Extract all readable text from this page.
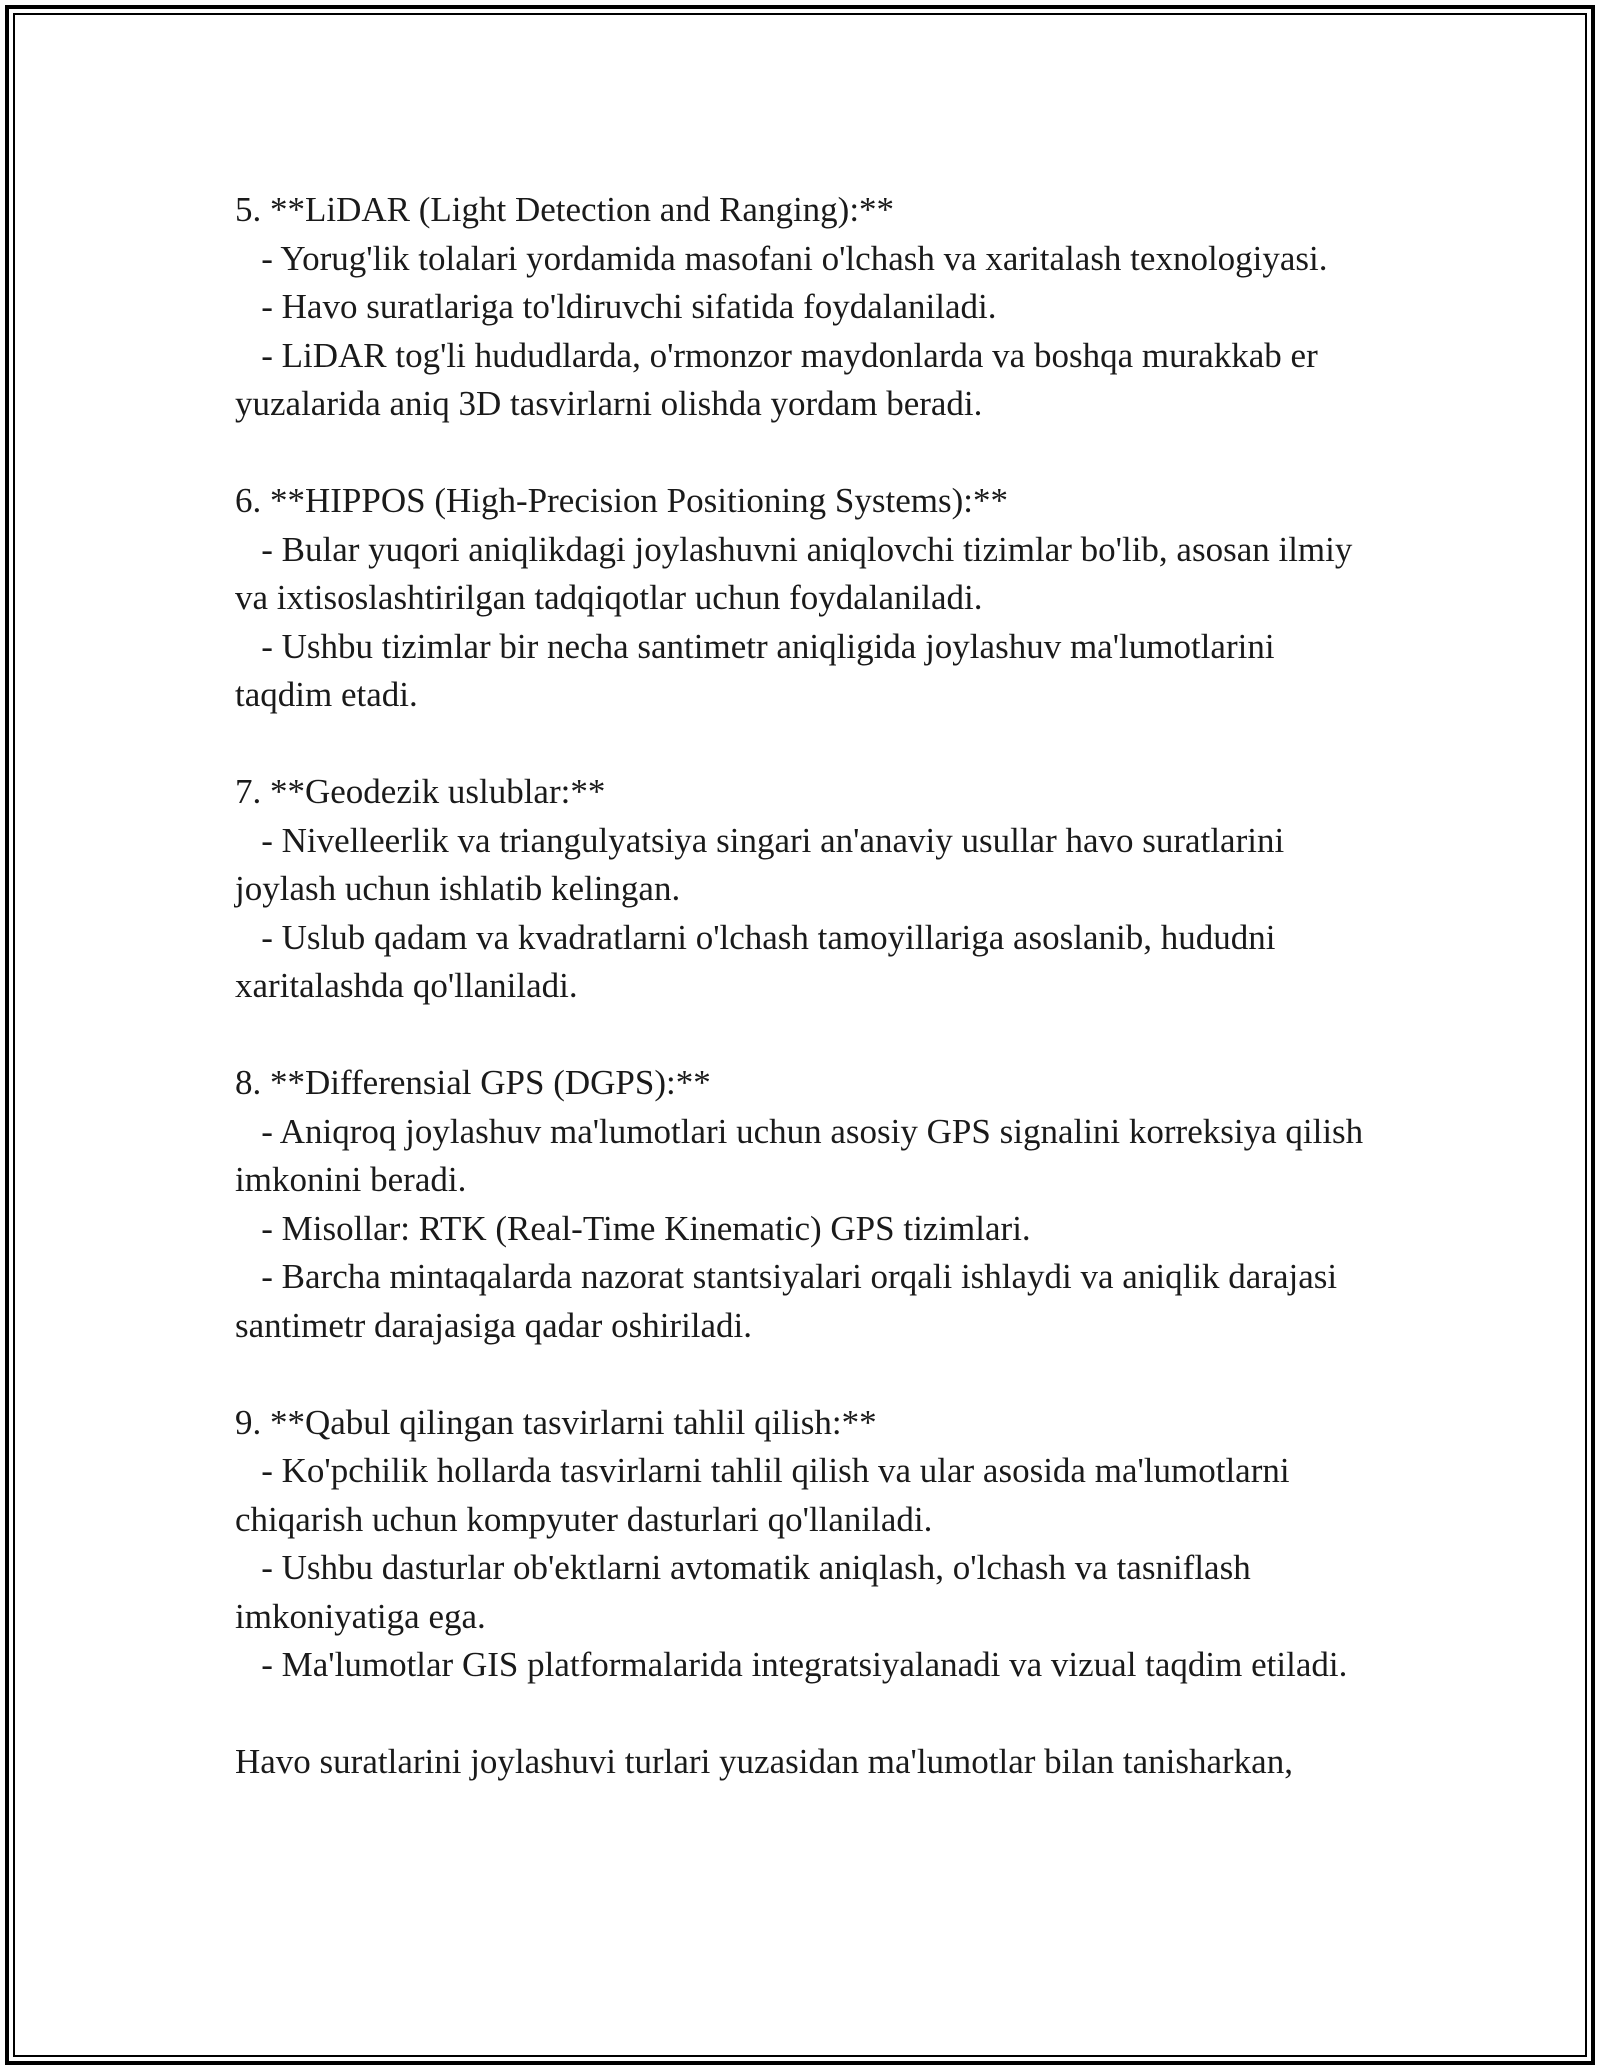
5. **LiDAR (Light Detection and Ranging):**

- Yorug'lik tolalari yordamida masofani o'lchash va xaritalash texnologiyasi.

- Havo suratlariga to'ldiruvchi sifatida foydalaniladi.

- LiDAR tog'li hududlarda, o'rmonzor maydonlarda va boshqa murakkab er yuzalarida aniq 3D tasvirlarni olishda yordam beradi.

6. **HIPPOS (High-Precision Positioning Systems):**

- Bular yuqori aniqlikdagi joylashuvni aniqlovchi tizimlar bo'lib, asosan ilmiy va ixtisoslashtirilgan tadqiqotlar uchun foydalaniladi.

- Ushbu tizimlar bir necha santimetr aniqligida joylashuv ma'lumotlarini taqdim etadi.

7. **Geodezik uslublar:**

- Nivelleerlik va triangulyatsiya singari an'anaviy usullar havo suratlarini joylash uchun ishlatib kelingan.

- Uslub qadam va kvadratlarni o'lchash tamoyillariga asoslanib, hududni xaritalashda qo'llaniladi.

8. **Differensial GPS (DGPS):**

- Aniqroq joylashuv ma'lumotlari uchun asosiy GPS signalini korreksiya qilish imkonini beradi.

- Misollar: RTK (Real-Time Kinematic) GPS tizimlari.

- Barcha mintaqalarda nazorat stantsiyalari orqali ishlaydi va aniqlik darajasi santimetr darajasiga qadar oshiriladi.

9. **Qabul qilingan tasvirlarni tahlil qilish:**

- Ko'pchilik hollarda tasvirlarni tahlil qilish va ular asosida ma'lumotlarni chiqarish uchun kompyuter dasturlari qo'llaniladi.

- Ushbu dasturlar ob'ektlarni avtomatik aniqlash, o'lchash va tasniflash imkoniyatiga ega.

- Ma'lumotlar GIS platformalarida integratsiyalanadi va vizual taqdim etiladi.

Havo suratlarini joylashuvi turlari yuzasidan ma'lumotlar bilan tanisharkan,
